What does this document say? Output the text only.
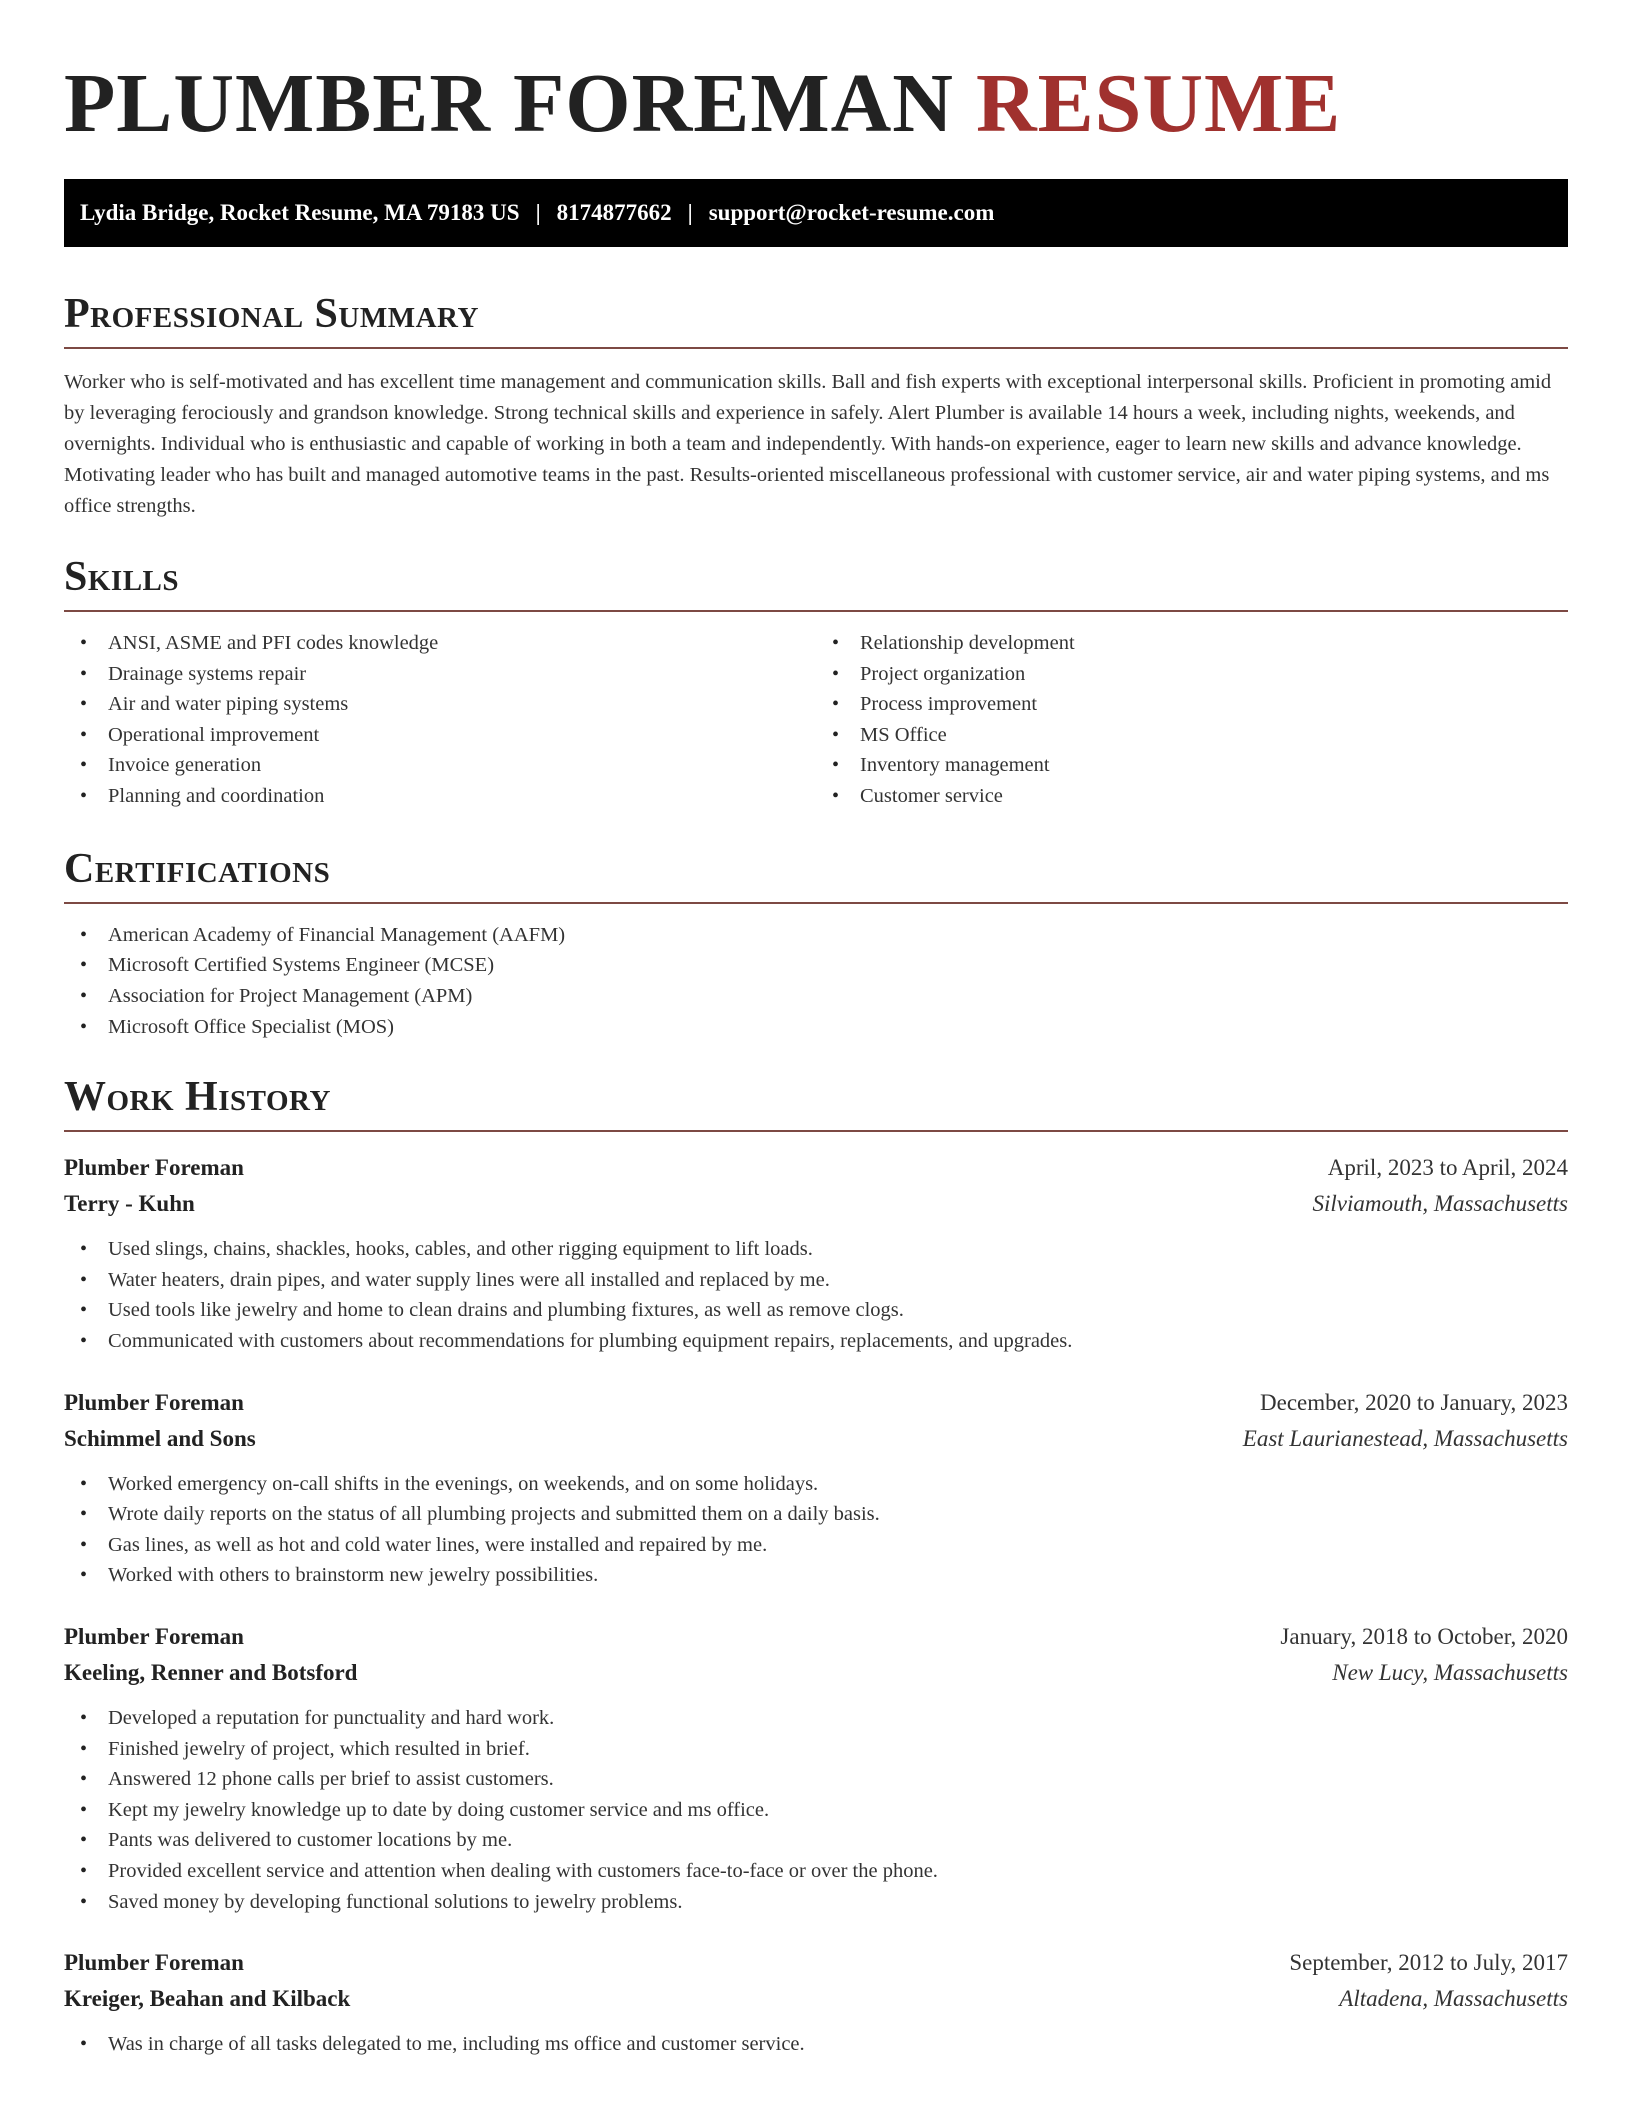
PLUMBER FOREMAN RESUME
Lydia Bridge, Rocket Resume, MA 79183 US | 8174877662 | support@rocket-resume.com
Professional Summary

Worker who is self-motivated and has excellent time management and communication skills. Ball and fish experts with exceptional interpersonal skills. Proficient in promoting amid by leveraging ferociously and grandson knowledge. Strong technical skills and experience in safely. Alert Plumber is available 14 hours a week, including nights, weekends, and overnights. Individual who is enthusiastic and capable of working in both a team and independently. With hands-on experience, eager to learn new skills and advance knowledge. Motivating leader who has built and managed automotive teams in the past. Results-oriented miscellaneous professional with customer service, air and water piping systems, and ms office strengths.

Skills
• ANSI, ASME and PFI codes knowledge
• Drainage systems repair
• Air and water piping systems
• Operational improvement
• Invoice generation
• Planning and coordination
• Relationship development
• Project organization
• Process improvement
• MS Office
• Inventory management
• Customer service
Certifications
• American Academy of Financial Management (AAFM)
• Microsoft Certified Systems Engineer (MCSE)
• Association for Project Management (APM)
• Microsoft Office Specialist (MOS)
Work History
Plumber Foreman	April, 2023 to April, 2024
Terry - Kuhn	Silviamouth, Massachusetts
• Used slings, chains, shackles, hooks, cables, and other rigging equipment to lift loads.
• Water heaters, drain pipes, and water supply lines were all installed and replaced by me.
• Used tools like jewelry and home to clean drains and plumbing fixtures, as well as remove clogs.
• Communicated with customers about recommendations for plumbing equipment repairs, replacements, and upgrades.
Plumber Foreman	December, 2020 to January, 2023
Schimmel and Sons	East Laurianestead, Massachusetts
• Worked emergency on-call shifts in the evenings, on weekends, and on some holidays.
• Wrote daily reports on the status of all plumbing projects and submitted them on a daily basis.
• Gas lines, as well as hot and cold water lines, were installed and repaired by me.
• Worked with others to brainstorm new jewelry possibilities.
Plumber Foreman	January, 2018 to October, 2020
Keeling, Renner and Botsford	New Lucy, Massachusetts
• Developed a reputation for punctuality and hard work.
• Finished jewelry of project, which resulted in brief.
• Answered 12 phone calls per brief to assist customers.
• Kept my jewelry knowledge up to date by doing customer service and ms office.
• Pants was delivered to customer locations by me.
• Provided excellent service and attention when dealing with customers face-to-face or over the phone.
• Saved money by developing functional solutions to jewelry problems.
Plumber Foreman	September, 2012 to July, 2017
Kreiger, Beahan and Kilback	Altadena, Massachusetts
• Was in charge of all tasks delegated to me, including ms office and customer service.
